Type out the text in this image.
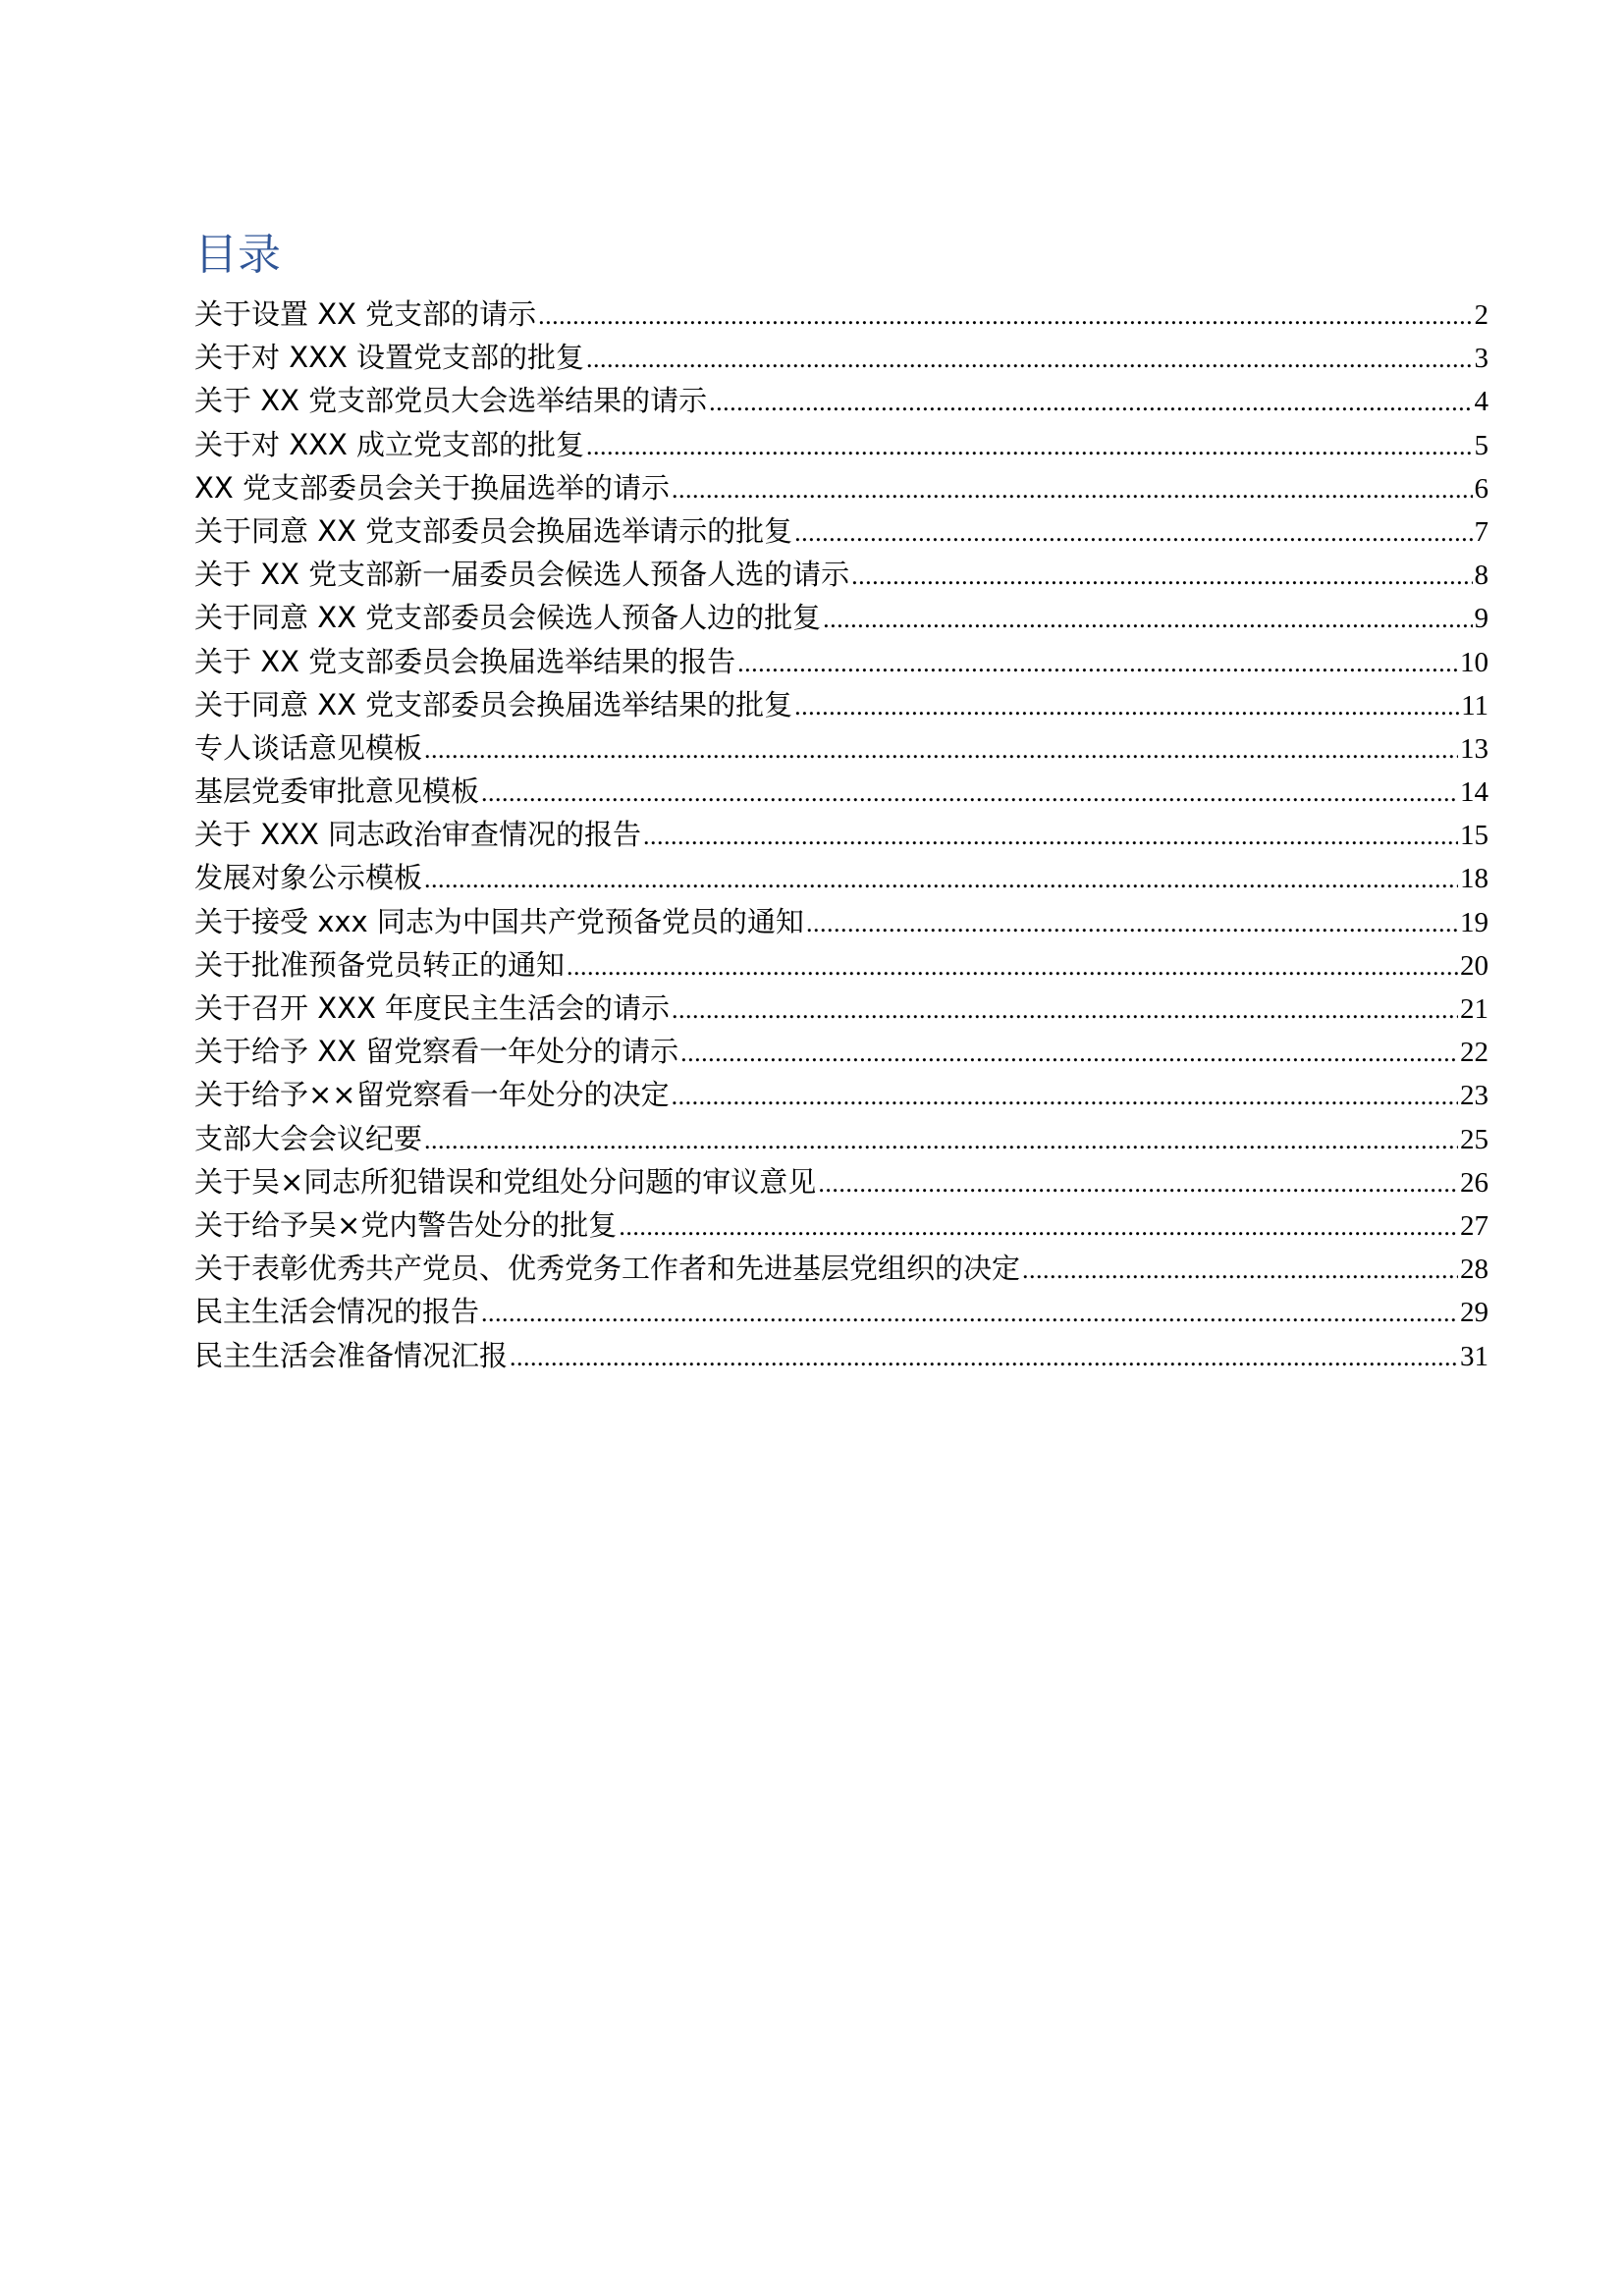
目录
关于设置 XX 党支部的请示 .....	2
关于对 XXX 设置党支部的批复 .....	3
关于 XX 党支部党员大会选举结果的请示 .....	4
关于对 XXX 成立党支部的批复 .....	5
XX 党支部委员会关于换届选举的请示 .....	6
关于同意 XX 党支部委员会换届选举请示的批复 .....	7
关于 XX 党支部新一届委员会候选人预备人选的请示 .....	8
关于同意 XX 党支部委员会候选人预备人边的批复 .....	9
关于 XX 党支部委员会换届选举结果的报告 .....	10
关于同意 XX 党支部委员会换届选举结果的批复 .....	11
专人谈话意见模板 .....	13
基层党委审批意见模板 .....	14
关于 XXX 同志政治审查情况的报告 .....	15
发展对象公示模板 .....	18
关于接受 xxx 同志为中国共产党预备党员的通知 .....	19
关于批准预备党员转正的通知 .....	20
关于召开 XXX 年度民主生活会的请示 .....	21
关于给予 XX 留党察看一年处分的请示 .....	22
关于给予××留党察看一年处分的决定 .....	23
支部大会会议纪要 .....	25
关于吴×同志所犯错误和党组处分问题的审议意见 .....	26
关于给予吴×党内警告处分的批复 .....	27
关于表彰优秀共产党员、优秀党务工作者和先进基层党组织的决定 .....	28
民主生活会情况的报告 .....	29
民主生活会准备情况汇报 .....	31
